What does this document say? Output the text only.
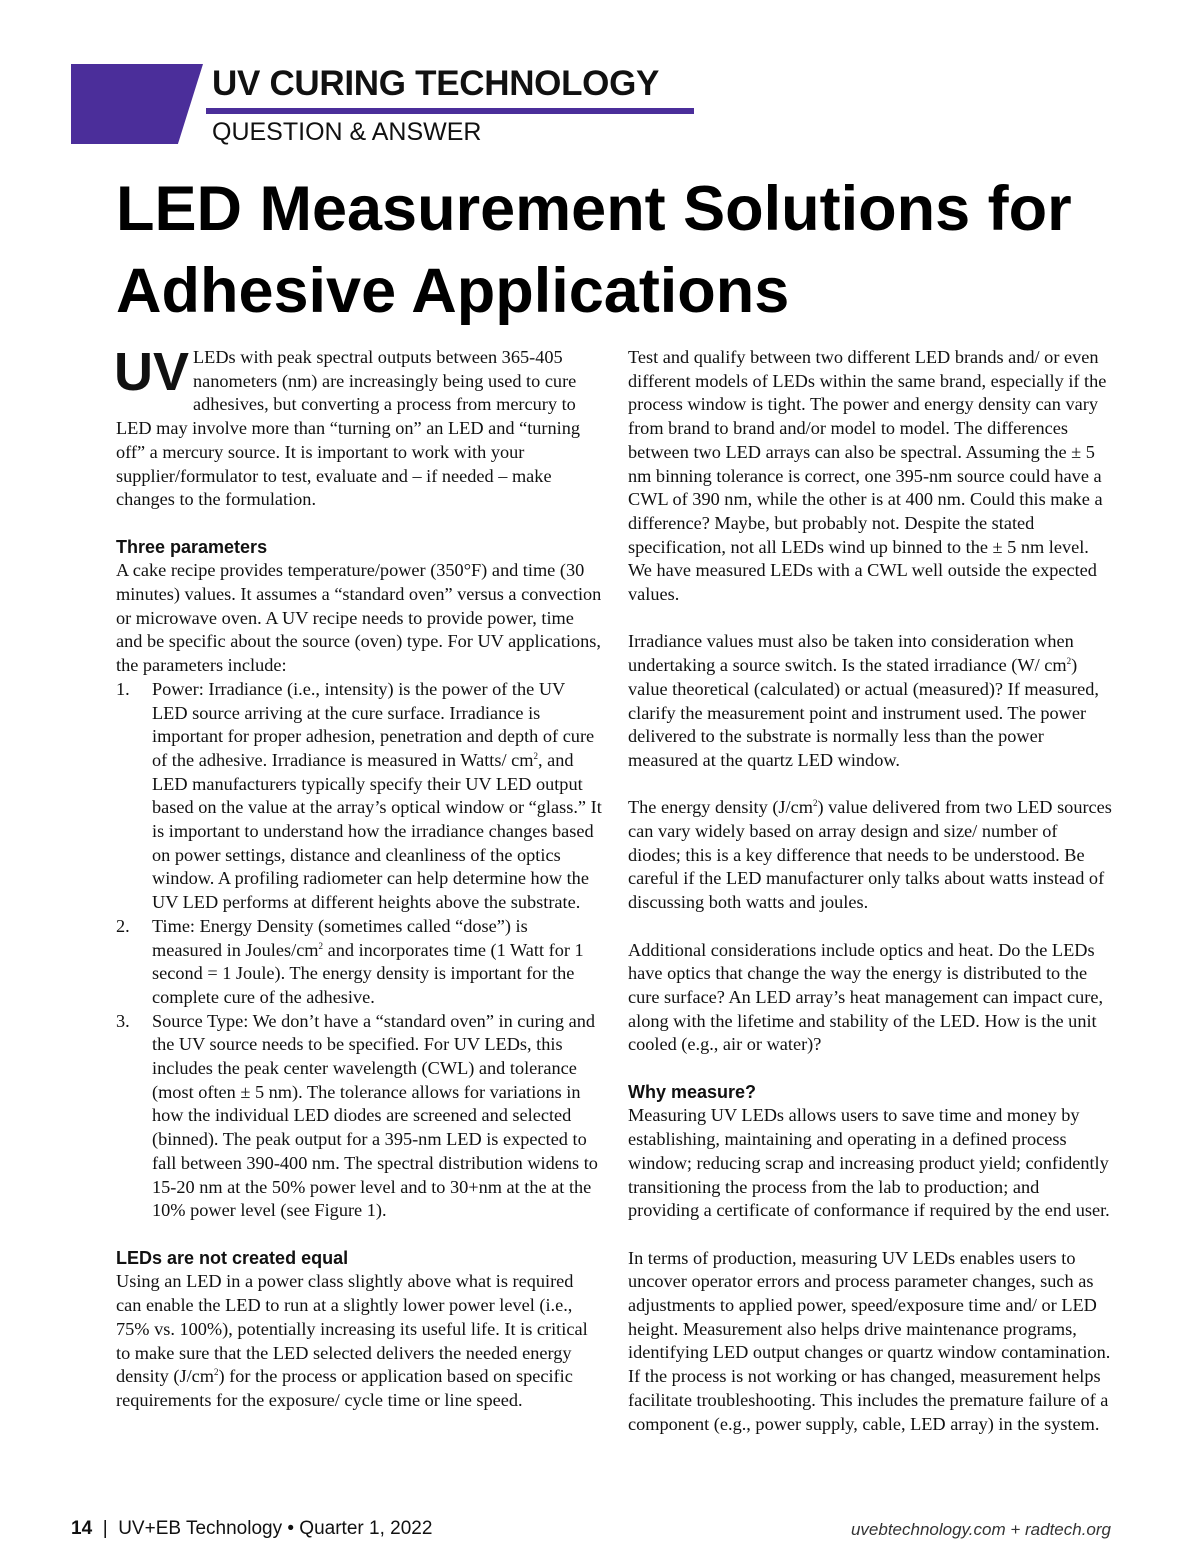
UV CURING TECHNOLOGY
QUESTION & ANSWER
LED Measurement Solutions for Adhesive Applications

UV LEDs with peak spectral outputs between 365-405 nanometers (nm) are increasingly being used to cure adhesives, but converting a process from mercury to LED may involve more than “turning on” an LED and “turning off” a mercury source. It is important to work with your supplier/formulator to test, evaluate and – if needed – make changes to the formulation.

Three parameters

A cake recipe provides temperature/power (350°F) and time (30 minutes) values. It assumes a “standard oven” versus a convection or microwave oven. A UV recipe needs to provide power, time and be specific about the source (oven) type. For UV applications, the parameters include:

1. Power: Irradiance (i.e., intensity) is the power of the UV LED source arriving at the cure surface. Irradiance is important for proper adhesion, penetration and depth of cure of the adhesive. Irradiance is measured in Watts/ $cm^2$, and LED manufacturers typically specify their UV LED output based on the value at the array’s optical window or “glass.” It is important to understand how the irradiance changes based on power settings, distance and cleanliness of the optics window. A profiling radiometer can help determine how the UV LED performs at different heights above the substrate.
2. Time: Energy Density (sometimes called “dose”) is measured in Joules/$cm^2$ and incorporates time (1 Watt for 1 second = 1 Joule). The energy density is important for the complete cure of the adhesive.
3. Source Type: We don’t have a “standard oven” in curing and the UV source needs to be specified. For UV LEDs, this includes the peak center wavelength (CWL) and tolerance (most often ± 5 nm). The tolerance allows for variations in how the individual LED diodes are screened and selected (binned). The peak output for a 395-nm LED is expected to fall between 390-400 nm. The spectral distribution widens to 15-20 nm at the 50% power level and to 30+nm at the at the 10% power level (see Figure 1).
LEDs are not created equal

Using an LED in a power class slightly above what is required can enable the LED to run at a slightly lower power level (i.e., 75% vs. 100%), potentially increasing its useful life. It is critical to make sure that the LED selected delivers the needed energy density $(J/cm^2)$ for the process or application based on specific requirements for the exposure/ cycle time or line speed.

Test and qualify between two different LED brands and/ or even different models of LEDs within the same brand, especially if the process window is tight. The power and energy density can vary from brand to brand and/or model to model. The differences between two LED arrays can also be spectral. Assuming the ± 5 nm binning tolerance is correct, one 395-nm source could have a CWL of 390 nm, while the other is at 400 nm. Could this make a difference? Maybe, but probably not. Despite the stated specification, not all LEDs wind up binned to the ± 5 nm level. We have measured LEDs with a CWL well outside the expected values.

Irradiance values must also be taken into consideration when undertaking a source switch. Is the stated irradiance (W/ $cm^2$) value theoretical (calculated) or actual (measured)? If measured, clarify the measurement point and instrument used. The power delivered to the substrate is normally less than the power measured at the quartz LED window.

The energy density $(J/cm^2)$ value delivered from two LED sources can vary widely based on array design and size/ number of diodes; this is a key difference that needs to be understood. Be careful if the LED manufacturer only talks about watts instead of discussing both watts and joules.

Additional considerations include optics and heat. Do the LEDs have optics that change the way the energy is distributed to the cure surface? An LED array’s heat management can impact cure, along with the lifetime and stability of the LED. How is the unit cooled (e.g., air or water)?

Why measure?

Measuring UV LEDs allows users to save time and money by establishing, maintaining and operating in a defined process window; reducing scrap and increasing product yield; confidently transitioning the process from the lab to production; and providing a certificate of conformance if required by the end user.

In terms of production, measuring UV LEDs enables users to uncover operator errors and process parameter changes, such as adjustments to applied power, speed/exposure time and/ or LED height. Measurement also helps drive maintenance programs, identifying LED output changes or quartz window contamination. If the process is not working or has changed, measurement helps facilitate troubleshooting. This includes the premature failure of a component (e.g., power supply, cable, LED array) in the system.

14 | UV+EB Technology • Quarter 1, 2022	uvebtechnology.com + radtech.org
